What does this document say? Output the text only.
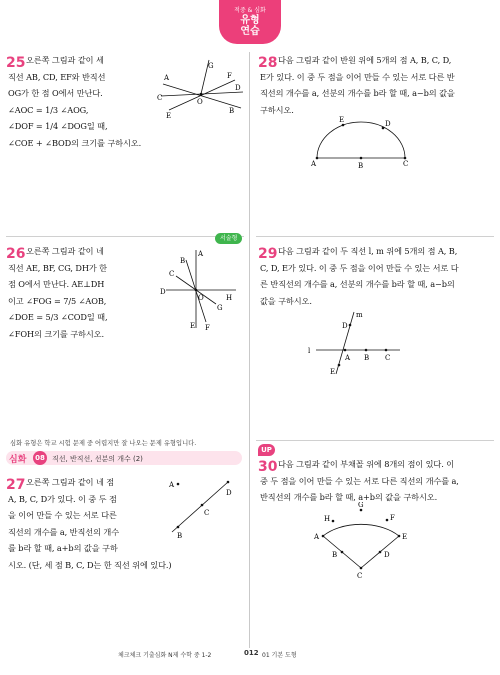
적중 & 심화
유형
연습
25 오른쪽 그림과 같이 세
직선 AB, CD, EF와 반직선
OG가 한 점 O에서 만난다.
∠AOC = 1/3 ∠AOG,
∠DOF = 1/4 ∠DOG일 때,
∠COE + ∠BOD의 크기를 구하시오.
A
C
E
G
O
D
B
F
서술형
26 오른쪽 그림과 같이 네
직선 AE, BF, CG, DH가 한
점 O에서 만난다. AE⊥DH
이고 ∠FOG = 7/5 ∠AOB,
∠DOE = 5/3 ∠COD일 때,
∠FOH의 크기를 구하시오.
A
B
C
D
O	H
E F
G
심화 유형은 학교 시험 문제 중 어렵지만 잘 나오는 문제 유형입니다.
심화	08	직선, 반직선, 선분의 개수 (2)
27 오른쪽 그림과 같이 네 점
A, B, C, D가 있다. 이 중 두 점
을 이어 만들 수 있는 서로 다른
직선의 개수를 a, 반직선의 개수
를 b라 할 때, a+b의 값을 구하
시오. (단, 세 점 B, C, D는 한 직선 위에 있다.)
A
D
C
B
28 다음 그림과 같이 반원 위에 5개의 점 A, B, C, D,
E가 있다. 이 중 두 점을 이어 만들 수 있는 서로 다른 반
직선의 개수를 a, 선분의 개수를 b라 할 때, a−b의 값을
구하시오.
E	D
A	B	C
29 다음 그림과 같이 두 직선 l, m 위에 5개의 점 A, B,
C, D, E가 있다. 이 중 두 점을 이어 만들 수 있는 서로 다
른 반직선의 개수를 a, 선분의 개수를 b라 할 때, a−b의
값을 구하시오.
m
D
l
A B C
E
UP
30 다음 그림과 같이 부채꼴 위에 8개의 점이 있다. 이
중 두 점을 이어 만들 수 있는 서로 다른 직선의 개수를 a,
반직선의 개수를 b라 할 때, a+b의 값을 구하시오.
G
H	F
A	E
B
C
D
체크체크 기출심화 N제 수학 중 1-2	012 01 기본 도형
